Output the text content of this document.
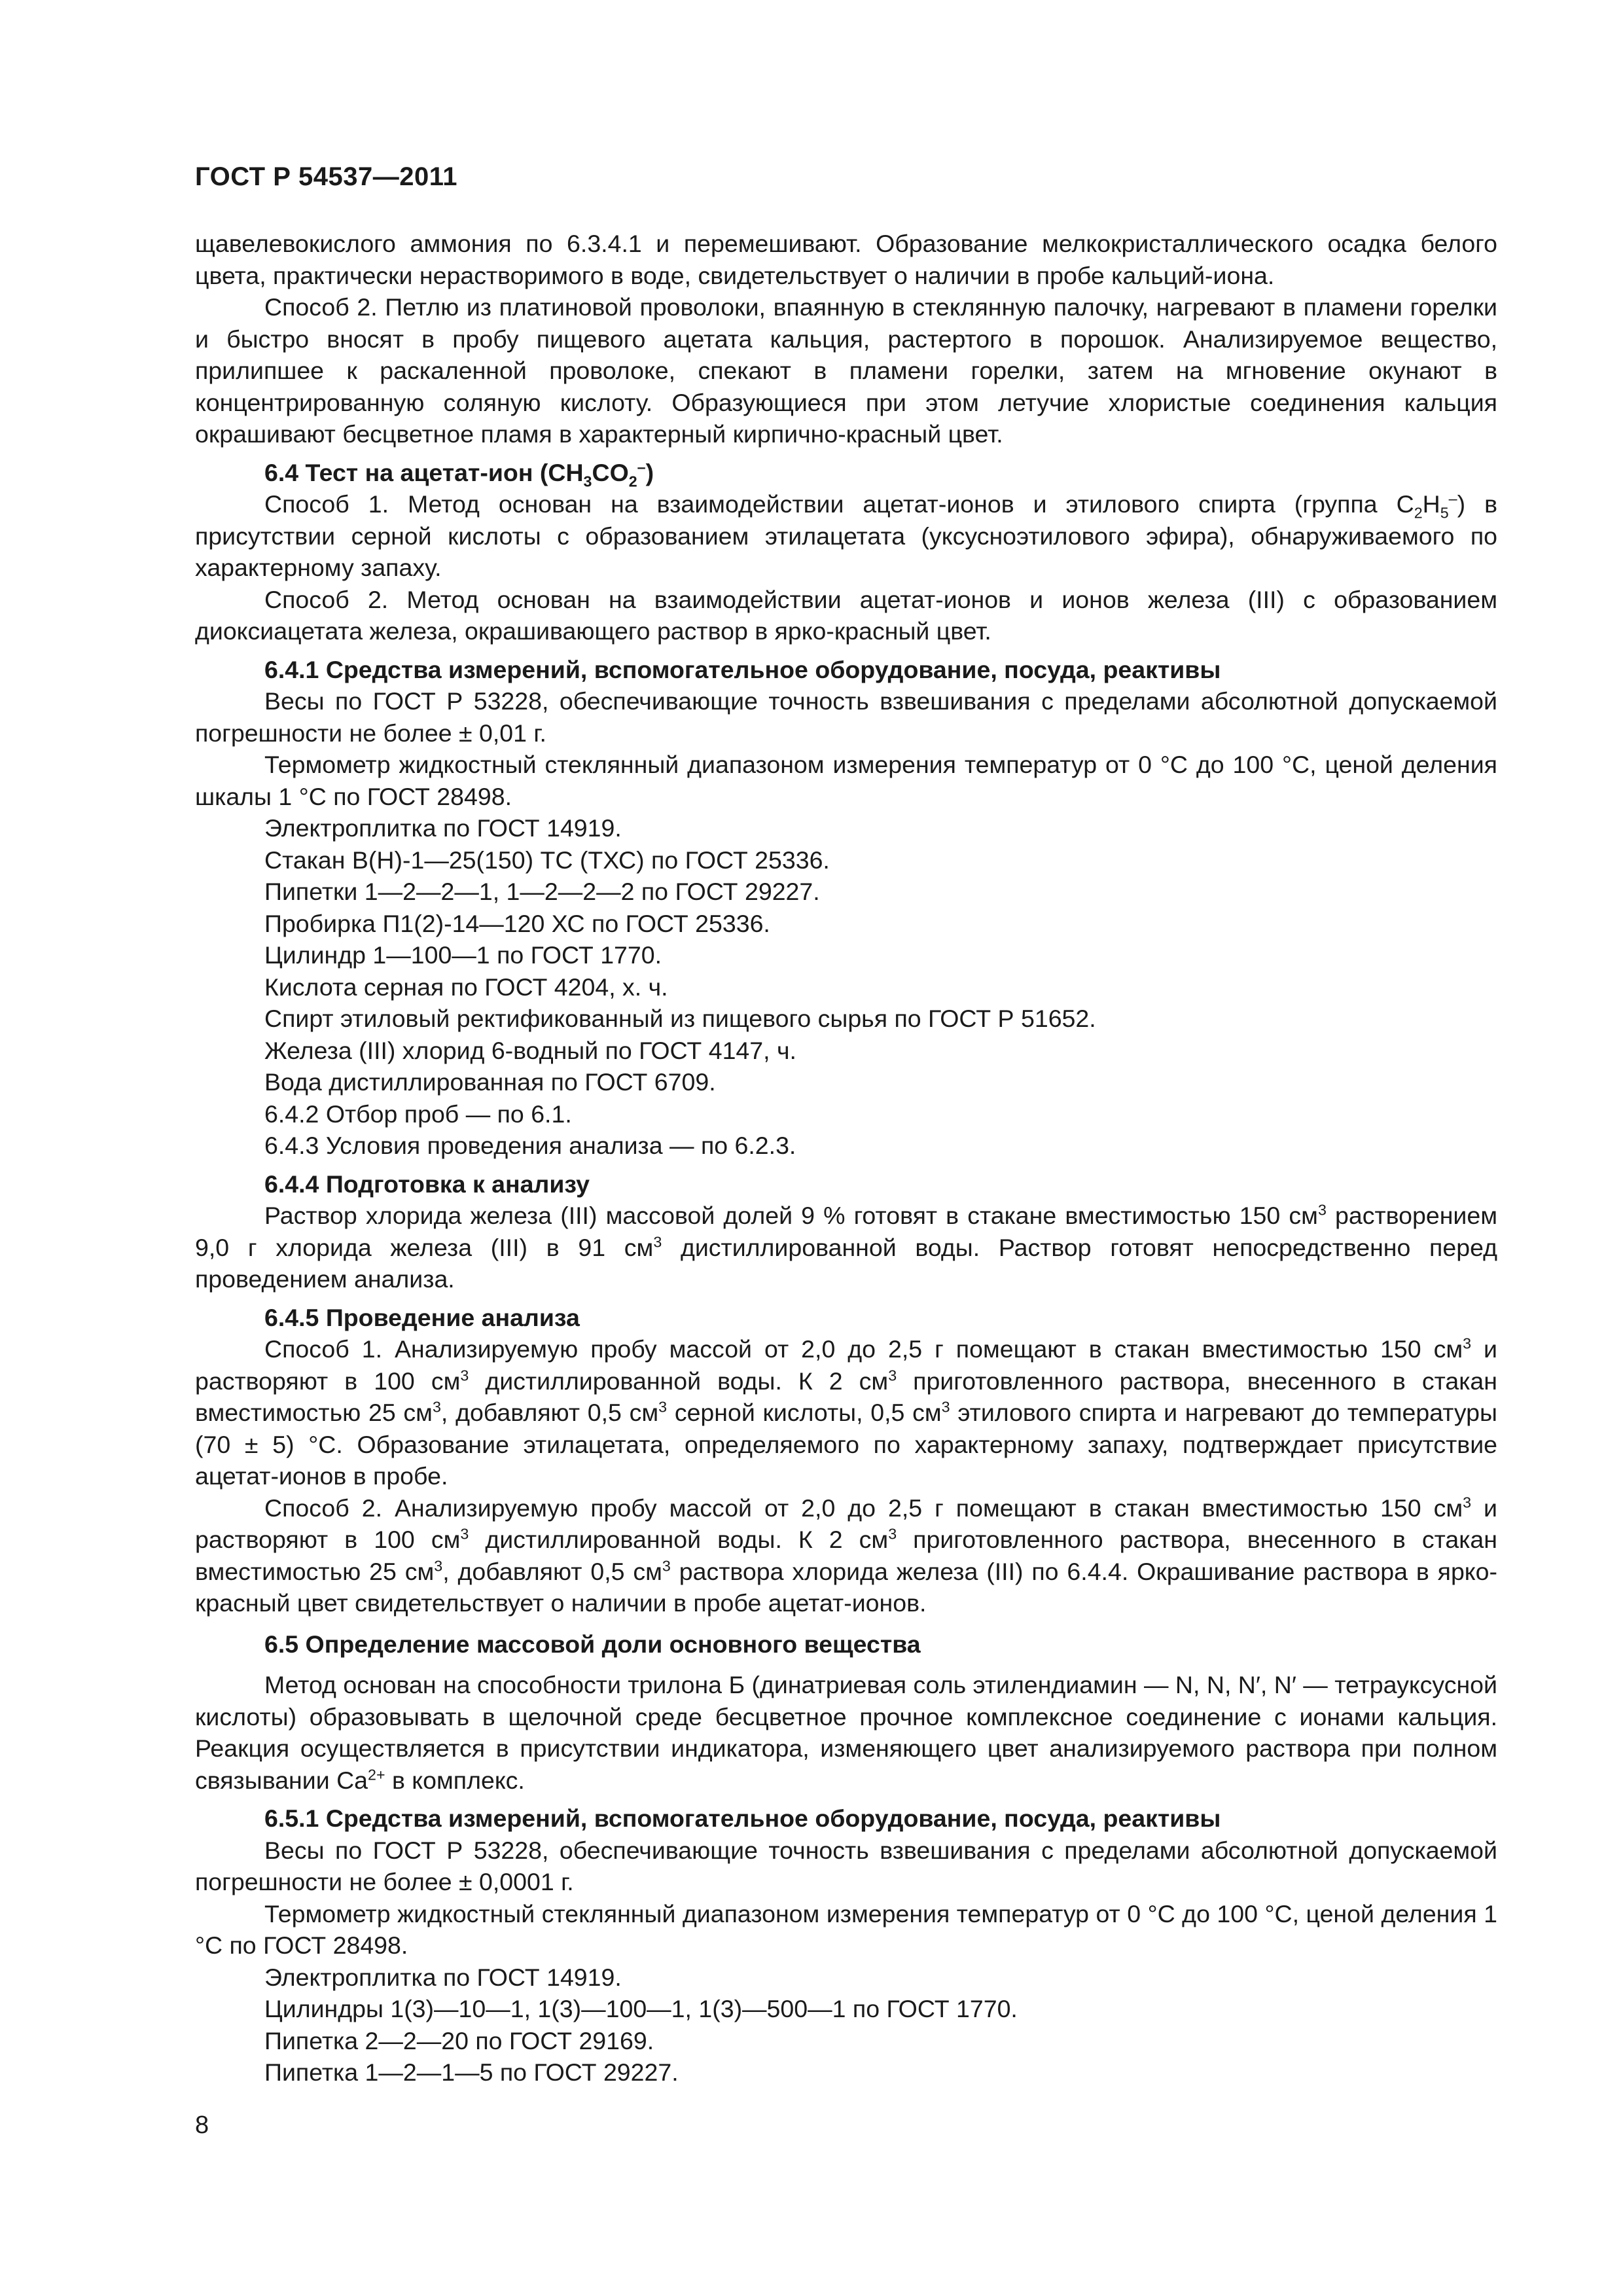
ГОСТ Р 54537—2011

щавелевокислого аммония по 6.3.4.1 и перемешивают. Образование мелкокристаллического осадка белого цвета, практически нерастворимого в воде, свидетельствует о наличии в пробе кальций-иона.

Способ 2. Петлю из платиновой проволоки, впаянную в стеклянную палочку, нагревают в пламени горелки и быстро вносят в пробу пищевого ацетата кальция, растертого в порошок. Анализируемое вещество, прилипшее к раскаленной проволоке, спекают в пламени горелки, затем на мгновение окунают в концентрированную соляную кислоту. Образующиеся при этом летучие хлористые соединения кальция окрашивают бесцветное пламя в характерный кирпично-красный цвет.

6.4 Тест на ацетат-ион $(CH_3CO_2^-)$

Способ 1. Метод основан на взаимодействии ацетат-ионов и этилового спирта (группа $C_2H_5^-$) в присутствии серной кислоты с образованием этилацетата (уксусноэтилового эфира), обнаруживаемого по характерному запаху.

Способ 2. Метод основан на взаимодействии ацетат-ионов и ионов железа (III) с образованием диоксиацетата железа, окрашивающего раствор в ярко-красный цвет.

6.4.1 Средства измерений, вспомогательное оборудование, посуда, реактивы

Весы по ГОСТ Р 53228, обеспечивающие точность взвешивания с пределами абсолютной допускаемой погрешности не более ± 0,01 г.

Термометр жидкостный стеклянный диапазоном измерения температур от 0 °С до 100 °С, ценой деления шкалы 1 °С по ГОСТ 28498.

Электроплитка по ГОСТ 14919.

Стакан В(Н)-1—25(150) ТС (ТХС) по ГОСТ 25336.

Пипетки 1—2—2—1, 1—2—2—2 по ГОСТ 29227.

Пробирка П1(2)-14—120 ХС по ГОСТ 25336.

Цилиндр 1—100—1 по ГОСТ 1770.

Кислота серная по ГОСТ 4204, х. ч.

Спирт этиловый ректификованный из пищевого сырья по ГОСТ Р 51652.

Железа (III) хлорид 6-водный по ГОСТ 4147, ч.

Вода дистиллированная по ГОСТ 6709.

6.4.2 Отбор проб — по 6.1.

6.4.3 Условия проведения анализа — по 6.2.3.

6.4.4 Подготовка к анализу

Раствор хлорида железа (III) массовой долей 9 % готовят в стакане вместимостью 150 $см^3$ растворением 9,0 г хлорида железа (III) в 91 $см^3$ дистиллированной воды. Раствор готовят непосредственно перед проведением анализа.

6.4.5 Проведение анализа

Способ 1. Анализируемую пробу массой от 2,0 до 2,5 г помещают в стакан вместимостью 150 $см^3$ и растворяют в 100 $см^3$ дистиллированной воды. К 2 $см^3$ приготовленного раствора, внесенного в стакан вместимостью 25 $см^3$, добавляют 0,5 $см^3$ серной кислоты, 0,5 $см^3$ этилового спирта и нагревают до температуры (70 ± 5) °С. Образование этилацетата, определяемого по характерному запаху, подтверждает присутствие ацетат-ионов в пробе.

Способ 2. Анализируемую пробу массой от 2,0 до 2,5 г помещают в стакан вместимостью 150 $см^3$ и растворяют в 100 $см^3$ дистиллированной воды. К 2 $см^3$ приготовленного раствора, внесенного в стакан вместимостью 25 $см^3$, добавляют 0,5 $см^3$ раствора хлорида железа (III) по 6.4.4. Окрашивание раствора в ярко-красный цвет свидетельствует о наличии в пробе ацетат-ионов.

6.5 Определение массовой доли основного вещества

Метод основан на способности трилона Б (динатриевая соль этилендиамин — N, N, N′, N′ — тетрауксусной кислоты) образовывать в щелочной среде бесцветное прочное комплексное соединение с ионами кальция. Реакция осуществляется в присутствии индикатора, изменяющего цвет анализируемого раствора при полном связывании $Ca^{2+}$ в комплекс.

6.5.1 Средства измерений, вспомогательное оборудование, посуда, реактивы

Весы по ГОСТ Р 53228, обеспечивающие точность взвешивания с пределами абсолютной допускаемой погрешности не более ± 0,0001 г.

Термометр жидкостный стеклянный диапазоном измерения температур от 0 °С до 100 °С, ценой деления 1 °С по ГОСТ 28498.

Электроплитка по ГОСТ 14919.

Цилиндры 1(3)—10—1, 1(3)—100—1, 1(3)—500—1 по ГОСТ 1770.

Пипетка 2—2—20 по ГОСТ 29169.

Пипетка 1—2—1—5 по ГОСТ 29227.

8
